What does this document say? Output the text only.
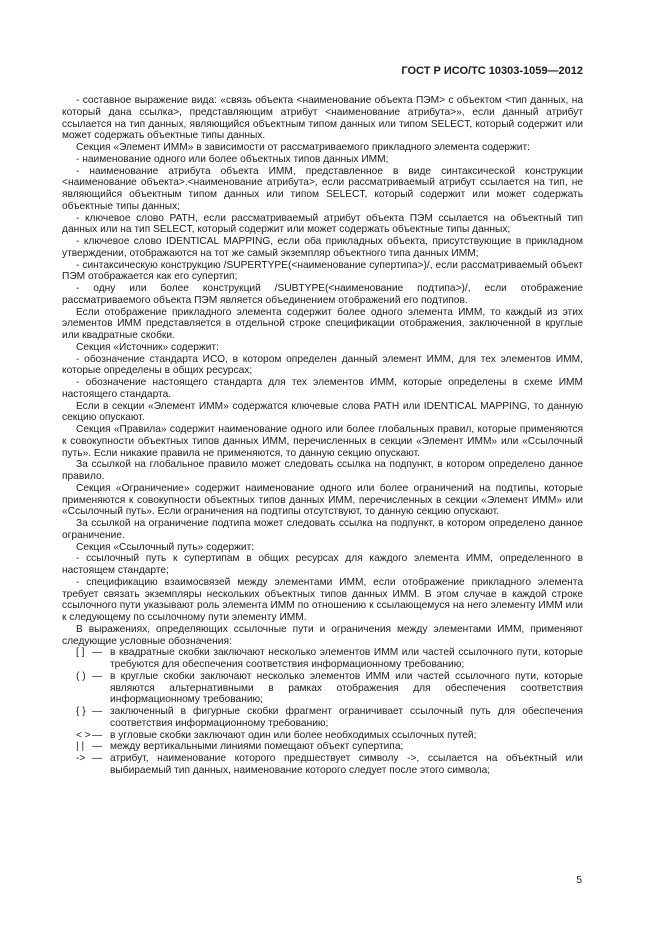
ГОСТ Р ИСО/ТС 10303-1059—2012

- составное выражение вида: «связь объекта <наименование объекта ПЭМ> с объектом <тип данных, на который дана ссылка>, представляющим атрибут <наименование атрибута>», если данный атрибут ссылается на тип данных, являющийся объектным типом данных или типом SELECT, который содержит или может содержать объектные типы данных.

Секция «Элемент ИММ» в зависимости от рассматриваемого прикладного элемента содержит:

- наименование одного или более объектных типов данных ИММ;

- наименование атрибута объекта ИММ, представленное в виде синтаксической конструкции <наименование объекта>.<наименование атрибута>, если рассматриваемый атрибут ссылается на тип, не являющийся объектным типом данных или типом SELECT, который содержит или может содержать объектные типы данных;

- ключевое слово PATH, если рассматриваемый атрибут объекта ПЭМ ссылается на объектный тип данных или на тип SELECT, который содержит или может содержать объектные типы данных;

- ключевое слово IDENTICAL MAPPING, если оба прикладных объекта, присутствующие в прикладном утверждении, отображаются на тот же самый экземпляр объектного типа данных ИММ;

- синтаксическую конструкцию /SUPERTYPE(<наименование супертипа>)/, если рассматриваемый объект ПЭМ отображается как его супертип;

- одну или более конструкций /SUBTYPE(<наименование подтипа>)/, если отображение рассматриваемого объекта ПЭМ является объединением отображений его подтипов.

Если отображение прикладного элемента содержит более одного элемента ИММ, то каждый из этих элементов ИММ представляется в отдельной строке спецификации отображения, заключенной в круглые или квадратные скобки.

Секция «Источник» содержит:

- обозначение стандарта ИСО, в котором определен данный элемент ИММ, для тех элементов ИММ, которые определены в общих ресурсах;

- обозначение настоящего стандарта для тех элементов ИММ, которые определены в схеме ИММ настоящего стандарта.

Если в секции «Элемент ИММ» содержатся ключевые слова PATH или IDENTICAL MAPPING, то данную секцию опускают.

Секция «Правила» содержит наименование одного или более глобальных правил, которые применяются к совокупности объектных типов данных ИММ, перечисленных в секции «Элемент ИММ» или «Ссылочный путь». Если никакие правила не применяются, то данную секцию опускают.

За ссылкой на глобальное правило может следовать ссылка на подпункт, в котором определено данное правило.

Секция «Ограничение» содержит наименование одного или более ограничений на подтипы, которые применяются к совокупности объектных типов данных ИММ, перечисленных в секции «Элемент ИММ» или «Ссылочный путь». Если ограничения на подтипы отсутствуют, то данную секцию опускают.

За ссылкой на ограничение подтипа может следовать ссылка на подпункт, в котором определено данное ограничение.

Секция «Ссылочный путь» содержит:

- ссылочный путь к супертипам в общих ресурсах для каждого элемента ИММ, определенного в настоящем стандарте;

- спецификацию взаимосвязей между элементами ИММ, если отображение прикладного элемента требует связать экземпляры нескольких объектных типов данных ИММ. В этом случае в каждой строке ссылочного пути указывают роль элемента ИММ по отношению к ссылающемуся на него элементу ИММ или к следующему по ссылочному пути элементу ИММ.

В выражениях, определяющих ссылочные пути и ограничения между элементами ИММ, применяют следующие условные обозначения:

[ ] — в квадратные скобки заключают несколько элементов ИММ или частей ссылочного пути, которые требуются для обеспечения соответствия информационному требованию;
( ) — в круглые скобки заключают несколько элементов ИММ или частей ссылочного пути, которые являются альтернативными в рамках отображения для обеспечения соответствия информационному требованию;
{ } — заключенный в фигурные скобки фрагмент ограничивает ссылочный путь для обеспечения соответствия информационному требованию;
< > — в угловые скобки заключают один или более необходимых ссылочных путей;
| | — между вертикальными линиями помещают объект супертипа;
-> — атрибут, наименование которого предшествует символу ->, ссылается на объектный или выбираемый тип данных, наименование которого следует после этого символа;
5
